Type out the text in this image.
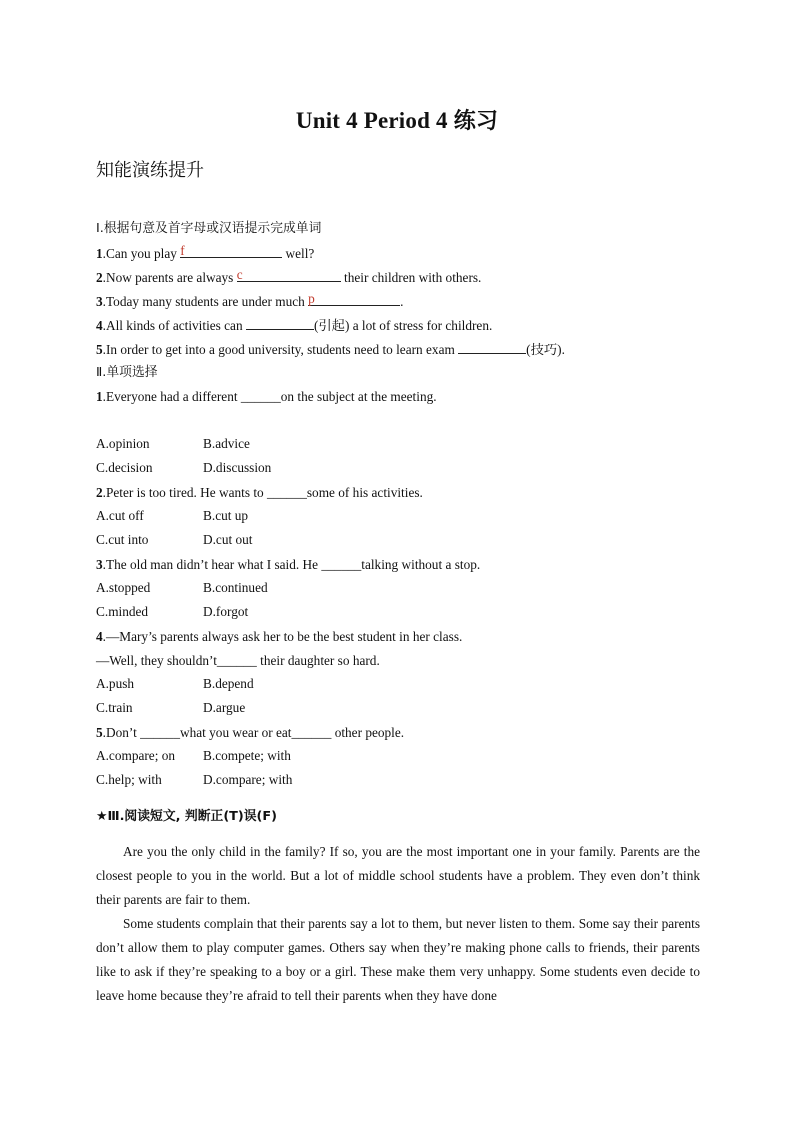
Unit 4 Period 4 练习
知能演练提升
Ⅰ.根据句意及首字母或汉语提示完成单词
1.Can you play f	well?
2.Now parents are always c	their children with others.
3.Today many students are under much p	.
4.All kinds of activities can	(引起) a lot of stress for children.
5.In order to get into a good university, students need to learn exam	(技巧).
Ⅱ.单项选择
1.Everyone had a different ______on the subject at the meeting.
A.opinion	B.advice
C.decision	D.discussion
2.Peter is too tired. He wants to ______some of his activities.
A.cut off	B.cut up
C.cut into	D.cut out
3.The old man didn’t hear what I said. He ______talking without a stop.
A.stopped	B.continued
C.minded	D.forgot
4.—Mary’s parents always ask her to be the best student in her class.
—Well, they shouldn’t______ their daughter so hard.
A.push	B.depend
C.train	D.argue
5.Don’t ______what you wear or eat______ other people.
A.compare; on B.compete; with
C.help; with	D.compare; with
★Ⅲ.阅读短文, 判断正(T)误(F)

Are you the only child in the family? If so, you are the most important one in your family. Parents are the closest people to you in the world. But a lot of middle school students have a problem. They even don’t think their parents are fair to them.

Some students complain that their parents say a lot to them, but never listen to them. Some say their parents don’t allow them to play computer games. Others say when they’re making phone calls to friends, their parents like to ask if they’re speaking to a boy or a girl. These make them very unhappy. Some students even decide to leave home because they’re afraid to tell their parents when they have done
